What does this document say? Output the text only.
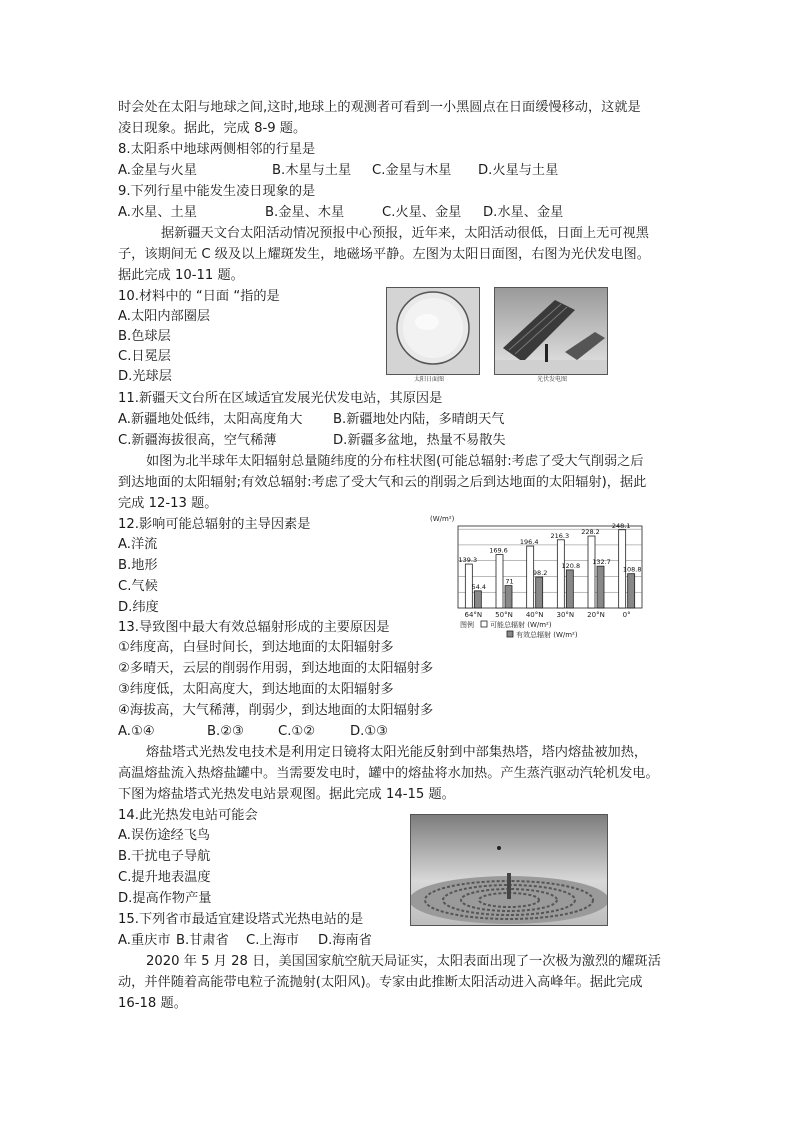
时会处在太阳与地球之间,这时,地球上的观测者可看到一小黑圆点在日面缓慢移动，这就是
凌日现象。据此，完成 8-9 题。
8.太阳系中地球两侧相邻的行星是
A.金星与火星	B.木星与土星 C.金星与木星 D.火星与土星
9.下列行星中能发生凌日现象的是
A.水星、土星	B.金星、木星	C.火星、金星 D.水星、金星
据新疆天文台太阳活动情况预报中心预报，近年来，太阳活动很低，日面上无可视黑
子，该期间无 C 级及以上耀斑发生，地磁场平静。左图为太阳日面图，右图为光伏发电图。
据此完成 10-11 题。
10.材料中的 “日面 “指的是
A.太阳内部圈层
B.色球层
C.日冕层
D.光球层	太阳日面图	光伏发电图
11.新疆天文台所在区域适宜发展光伏发电站，其原因是
A.新疆地处低纬，太阳高度角大 B.新疆地处内陆，多晴朗天气
C.新疆海拔很高，空气稀薄	D.新疆多盆地，热量不易散失
如图为北半球年太阳辐射总量随纬度的分布柱状图(可能总辐射:考虑了受大气削弱之后
到达地面的太阳辐射;有效总辐射:考虑了受大气和云的削弱之后到达地面的太阳辐射)，据此
完成 12-13 题。
12.影响可能总辐射的主导因素是
A.洋流
B.地形
C.气候
D.纬度
(W/m²)
139.3
54.4
169.6
71
196.4
98.2
216.3
120.8
228.2
132.7
248.1
108.8
64°N 50°N 40°N 30°N 20°N	0°
图例 可能总辐射 (W/m²)
有效总辐射 (W/m²)
13.导致图中最大有效总辐射形成的主要原因是
①纬度高，白昼时间长，到达地面的太阳辐射多
②多晴天，云层的削弱作用弱，到达地面的太阳辐射多
③纬度低，太阳高度大，到达地面的太阳辐射多
④海拔高，大气稀薄，削弱少，到达地面的太阳辐射多
A.①④	B.②③	C.①②	D.①③
熔盐塔式光热发电技术是利用定日镜将太阳光能反射到中部集热塔，塔内熔盐被加热，
高温熔盐流入热熔盐罐中。当需要发电时，罐中的熔盐将水加热。产生蒸汽驱动汽轮机发电。
下图为熔盐塔式光热发电站景观图。据此完成 14-15 题。
14.此光热发电站可能会
A.误伤途经飞鸟
B.干扰电子导航
C.提升地表温度
D.提高作物产量
15.下列省市最适宜建设塔式光热电站的是
A.重庆市 B.甘肃省 C.上海市 D.海南省
2020 年 5 月 28 日，美国国家航空航天局证实，太阳表面出现了一次极为激烈的耀斑活
动，并伴随着高能带电粒子流抛射(太阳风)。专家由此推断太阳活动进入高峰年。据此完成
16-18 题。
